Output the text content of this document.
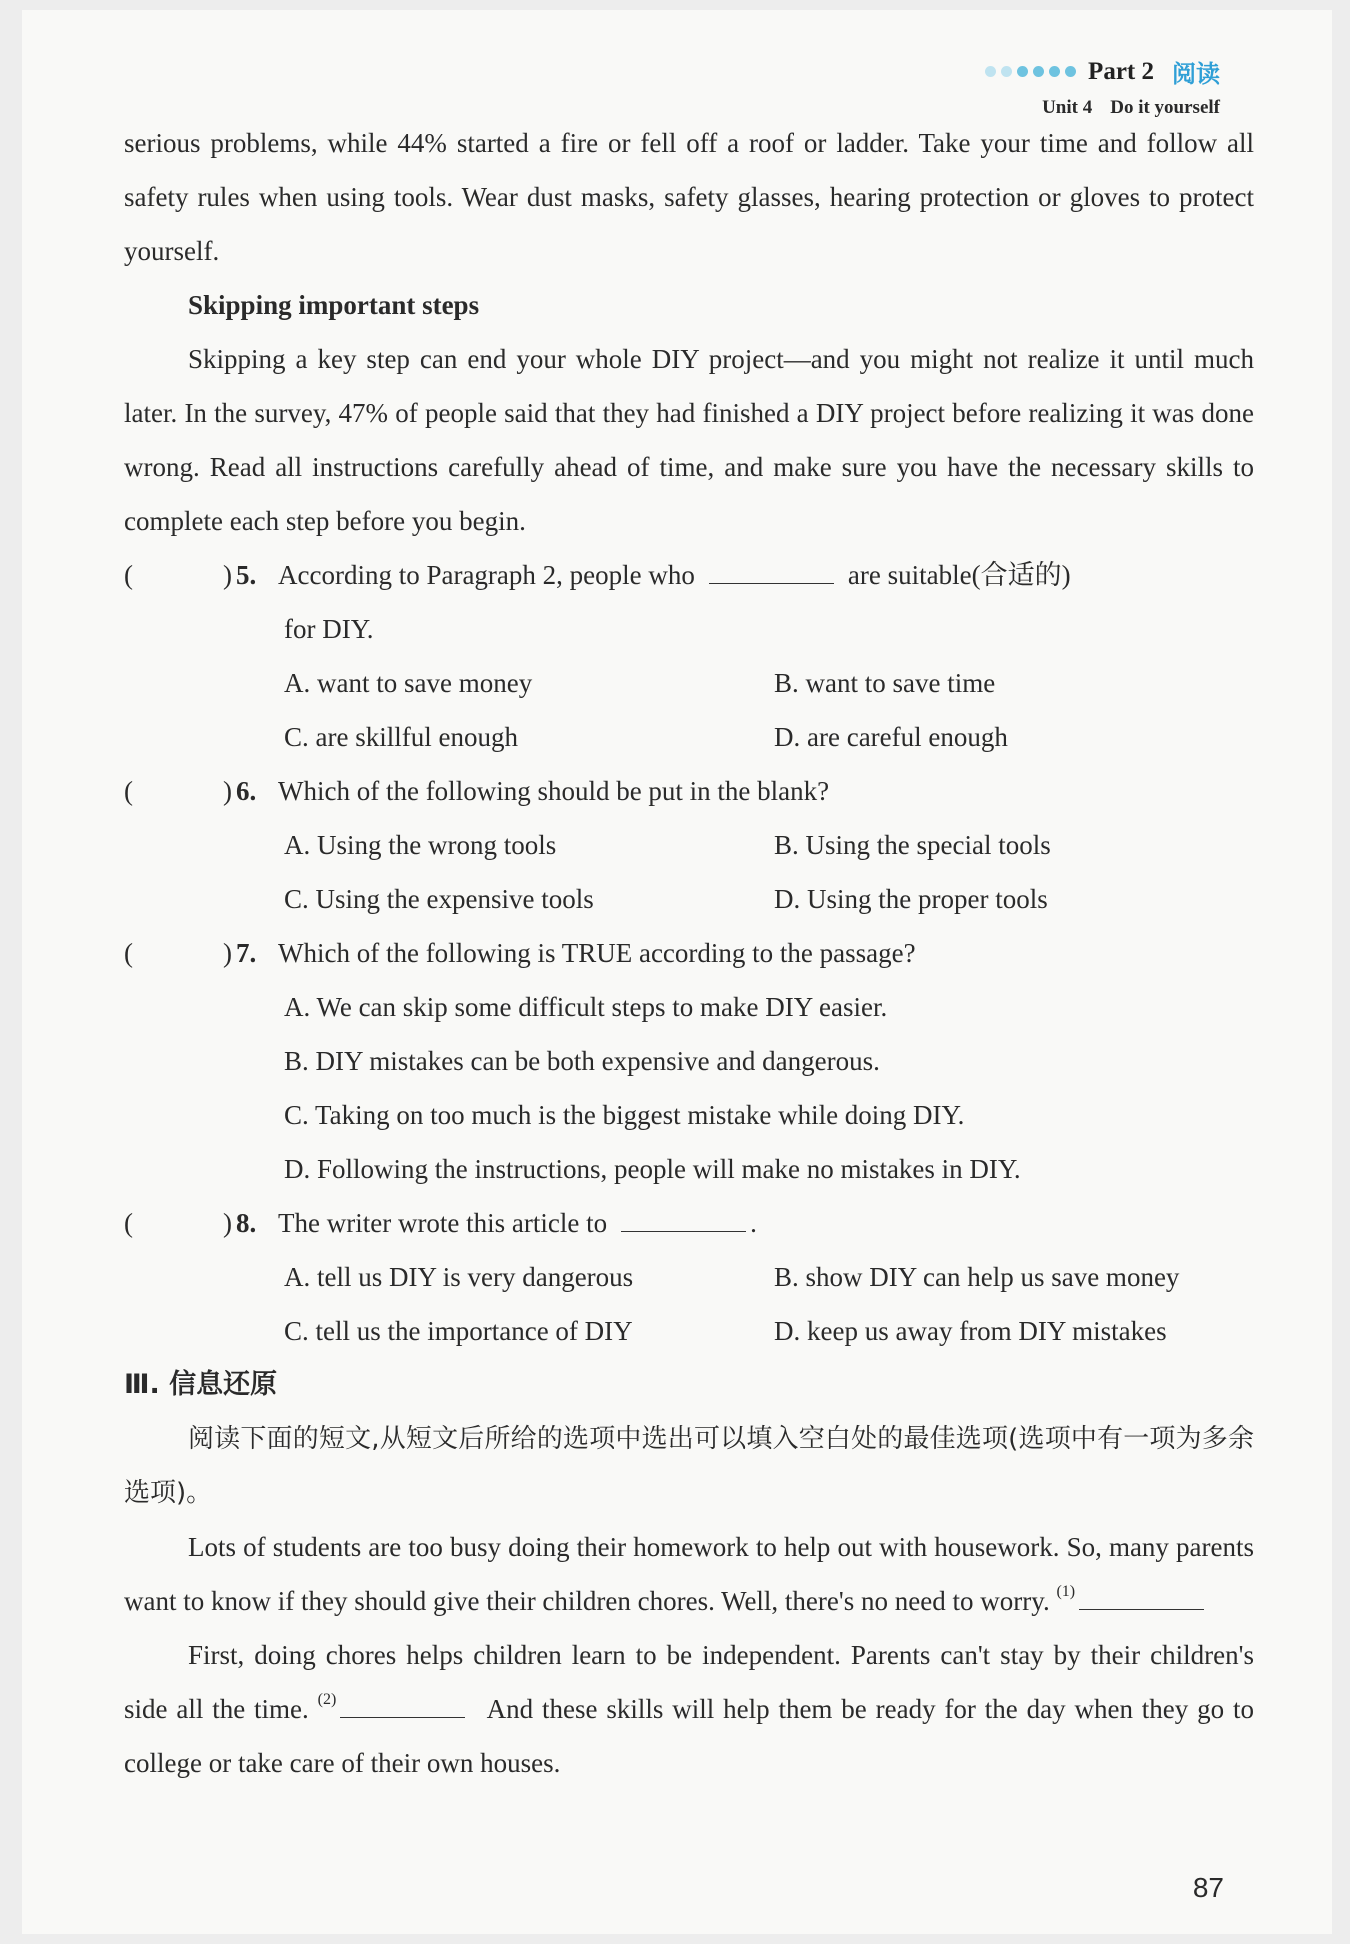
Part 2 阅读
Unit 4 Do it yourself

serious problems, while 44% started a fire or fell off a roof or ladder. Take your time and follow all safety rules when using tools. Wear dust masks, safety glasses, hearing protection or gloves to protect yourself.

Skipping important steps

Skipping a key step can end your whole DIY project—and you might not realize it until much later. In the survey, 47% of people said that they had finished a DIY project before realizing it was done wrong. Read all instructions carefully ahead of time, and make sure you have the necessary skills to complete each step before you begin.

(	) 5. According to Paragraph 2, people who	are suitable(合适的)
for DIY.
A. want to save money	B. want to save time
C. are skillful enough	D. are careful enough
(	) 6. Which of the following should be put in the blank?
A. Using the wrong tools	B. Using the special tools
C. Using the expensive tools	D. Using the proper tools
(	) 7. Which of the following is TRUE according to the passage?
A. We can skip some difficult steps to make DIY easier.
B. DIY mistakes can be both expensive and dangerous.
C. Taking on too much is the biggest mistake while doing DIY.
D. Following the instructions, people will make no mistakes in DIY.
(	) 8. The writer wrote this article to	.
A. tell us DIY is very dangerous	B. show DIY can help us save money
C. tell us the importance of DIY	D. keep us away from DIY mistakes
Ⅲ. 信息还原

阅读下面的短文,从短文后所给的选项中选出可以填入空白处的最佳选项(选项中有一项为多余选项)。

Lots of students are too busy doing their homework to help out with housework. So, many parents want to know if they should give their children chores. Well, there's no need to worry. $^{(1)}$

First, doing chores helps children learn to be independent. Parents can't stay by their children's side all the time. $^{(2)}$	And these skills will help them be ready for the day when they go to college or take care of their own houses.

87
